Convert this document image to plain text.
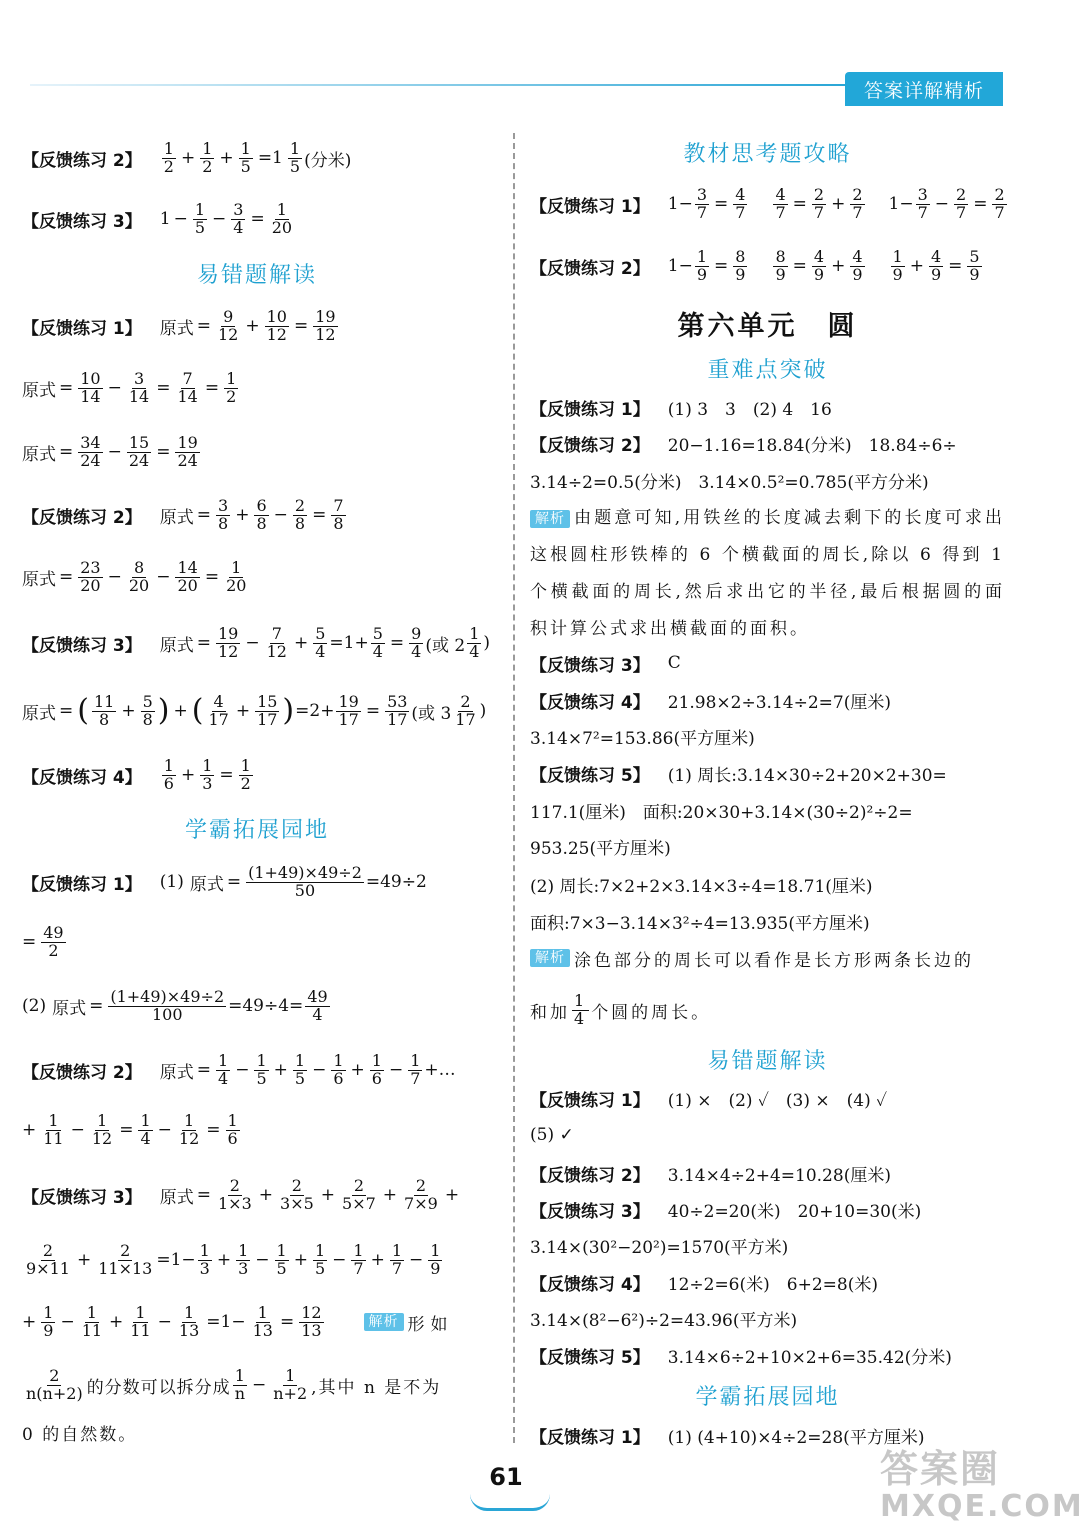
答案详解精析
【反馈练习 2】 $\frac{1}{2} + \frac{1}{2} + \frac{1}{5} =1 \frac{1}{5}$ (分米)
【反馈练习 3】 $1 - \frac{1}{5} - \frac{3}{4} = \frac{1}{20}$
易错题解读
【反馈练习 1】 原式 = $\frac{9}{12} + \frac{10}{12} = \frac{19}{12}$
原式 = $\frac{10}{14} - \frac{3}{14} = \frac{7}{14} = \frac{1}{2}$
原式 = $\frac{34}{24} - \frac{15}{24} = \frac{19}{24}$
【反馈练习 2】 原式 = $\frac{3}{8} + \frac{6}{8} - \frac{2}{8} = \frac{7}{8}$
原式 = $\frac{23}{20} - \frac{8}{20} - \frac{14}{20} = \frac{1}{20}$
【反馈练习 3】 原式 = $\frac{19}{12} - \frac{7}{12} + \frac{5}{4} =1+ \frac{5}{4} = \frac{9}{4}$ (或 $2 \frac{1}{4}$ )
原式 = ( $\frac{11}{8} + \frac{5}{8}$ ) + ( $\frac{4}{17} + \frac{15}{17}$ ) $=2+ \frac{19}{17} = \frac{53}{17}$ (或 $3 \frac{2}{17}$ )
【反馈练习 4】 $\frac{1}{6} + \frac{1}{3} = \frac{1}{2}$
学霸拓展园地
【反馈练习 1】 (1) 原式 = $\frac{(1+49)\times 49\div 2}{50} =49\div 2$
= $\frac{49}{2}$
(2) 原式 = $\frac{(1+49)\times 49\div 2}{100} =49\div 4= \frac{49}{4}$
【反馈练习 2】 原式 = $\frac{1}{4} - \frac{1}{5} + \frac{1}{5} - \frac{1}{6} + \frac{1}{6} - \frac{1}{7}$ +…
+ $\frac{1}{11} - \frac{1}{12} = \frac{1}{4} - \frac{1}{12} = \frac{1}{6}$
【反馈练习 3】 原式 = $\frac{2}{1\times 3} + \frac{2}{3\times 5} + \frac{2}{5\times 7} + \frac{2}{7\times 9}$ +
$\frac{2}{9\times 11} + \frac{2}{11\times 13} =1- \frac{1}{3} + \frac{1}{3} - \frac{1}{5} + \frac{1}{5} - \frac{1}{7} + \frac{1}{7} - \frac{1}{9}$
+ $\frac{1}{9} - \frac{1}{11} + \frac{1}{11} - \frac{1}{13} =1- \frac{1}{13} = \frac{12}{13}$	解析 形如
$\frac{2}{n(n+2)}$ 的分数可以拆分成 $\frac{1}{n} - \frac{1}{n+2}$ ,其中 n 是不为
0 的自然数。
教材思考题攻略
【反馈练习 1】 $1- \frac{3}{7} = \frac{4}{7} \frac{4}{7} = \frac{2}{7} + \frac{2}{7} 1- \frac{3}{7} - \frac{2}{7} = \frac{2}{7}$
【反馈练习 2】 $1- \frac{1}{9} = \frac{8}{9} \frac{8}{9} = \frac{4}{9} + \frac{4}{9} \frac{1}{9} + \frac{4}{9} = \frac{5}{9}$
第六单元　圆
重难点突破
【反馈练习 1】 (1) 3　3　(2) 4　16
【反馈练习 2】 20−1.16=18.84(分米)　18.84÷6÷
3.14÷2=0.5(分米)　3.14×0.5²=0.785(平方分米)
解析 由题意可知,用铁丝的长度减去剩下的长度可求出这根圆柱形铁棒的 6 个横截面的周长,除以 6 得到 1 个横截面的周长,然后求出它的半径,最后根据圆的面积计算公式求出横截面的面积。
【反馈练习 3】 C
【反馈练习 4】 21.98×2÷3.14÷2=7(厘米)
3.14×7²=153.86(平方厘米)
【反馈练习 5】 (1) 周长:3.14×30÷2+20×2+30=
117.1(厘米)　面积:20×30+3.14×(30÷2)²÷2=
953.25(平方厘米)
(2) 周长:7×2+2×3.14×3÷4=18.71(厘米)
面积:7×3−3.14×3²÷4=13.935(平方厘米)
解析 涂色部分的周长可以看作是长方形两条长边的
和加 $\frac{1}{4}$ 个圆的周长。
易错题解读
【反馈练习 1】 (1) ×　(2) ✓　(3) ×　(4) ✓
(5) ✓
【反馈练习 2】 3.14×4÷2+4=10.28(厘米)
【反馈练习 3】 40÷2=20(米)　20+10=30(米)
3.14×(30²−20²)=1570(平方米)
【反馈练习 4】 12÷2=6(米)　6+2=8(米)
3.14×(8²−6²)÷2=43.96(平方米)
【反馈练习 5】 3.14×6÷2+10×2+6=35.42(分米)
学霸拓展园地
【反馈练习 1】 (1) (4+10)×4÷2=28(平方厘米)
61	答案圈
MXQE.COM
